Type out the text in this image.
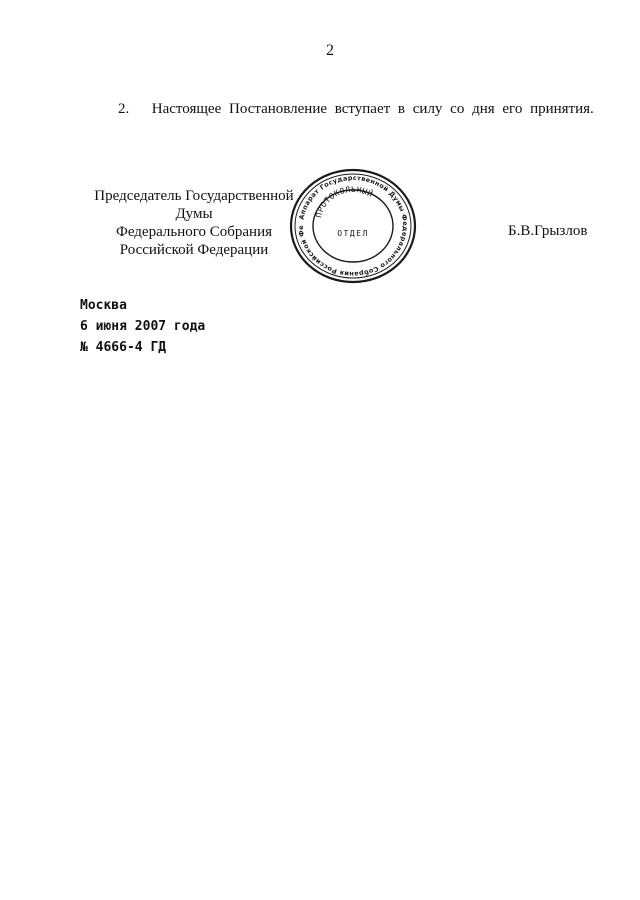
2
2. Настоящее Постановление вступает в силу со дня его принятия.
Председатель Государственной Думы
Федерального Собрания
Российской Федерации
Б.В.Грызлов
Аппарат Государственной Думы Федерального Собрания Российской Фе
ПРОТОКОЛЬНЫЙ
ОТДЕЛ
Москва
6 июня 2007 года
№ 4666-4 ГД
